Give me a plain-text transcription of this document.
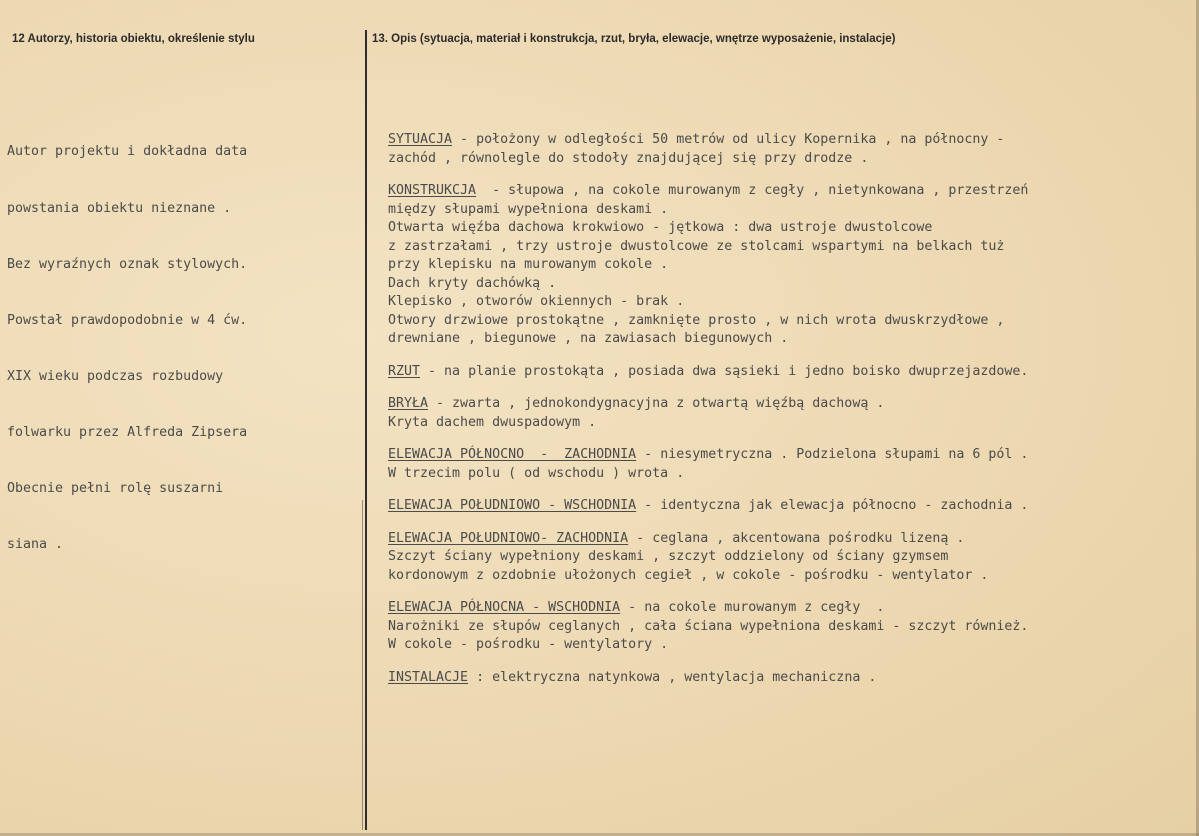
12 Autorzy, historia obiektu, określenie stylu	13. Opis (sytuacja, materiał i konstrukcja, rzut, bryła, elewacje, wnętrze wyposażenie, instalacje)

Autor projektu i dokładna data

powstania obiektu nieznane .

Bez wyraźnych oznak stylowych.

Powstał prawdopodobnie w 4 ćw.

XIX wieku podczas rozbudowy

folwarku przez Alfreda Zipsera

Obecnie pełni rolę suszarni

siana .

SYTUACJA - położony w odległości 50 metrów od ulicy Kopernika , na północny -
zachód , równolegle do stodoły znajdującej się przy drodze .
KONSTRUKCJA  - słupowa , na cokole murowanym z cegły , nietynkowana , przestrzeń
między słupami wypełniona deskami .
Otwarta więźba dachowa krokwiowo - jętkowa : dwa ustroje dwustolcowe
z zastrzałami , trzy ustroje dwustolcowe ze stolcami wspartymi na belkach tuż
przy klepisku na murowanym cokole .
Dach kryty dachówką .
Klepisko , otworów okiennych - brak .
Otwory drzwiowe prostokątne , zamknięte prosto , w nich wrota dwuskrzydłowe ,
drewniane , biegunowe , na zawiasach biegunowych .
RZUT - na planie prostokąta , posiada dwa sąsieki i jedno boisko dwuprzejazdowe.
BRYŁA - zwarta , jednokondygnacyjna z otwartą więźbą dachową .
Kryta dachem dwuspadowym .
ELEWACJA PÓŁNOCNO  -  ZACHODNIA - niesymetryczna . Podzielona słupami na 6 pól .
W trzecim polu ( od wschodu ) wrota .
ELEWACJA POŁUDNIOWO - WSCHODNIA - identyczna jak elewacja północno - zachodnia .
ELEWACJA POŁUDNIOWO- ZACHODNIA - ceglana , akcentowana pośrodku lizeną .
Szczyt ściany wypełniony deskami , szczyt oddzielony od ściany gzymsem
kordonowym z ozdobnie ułożonych cegieł , w cokole - pośrodku - wentylator .
ELEWACJA PÓŁNOCNA - WSCHODNIA - na cokole murowanym z cegły  .
Narożniki ze słupów ceglanych , cała ściana wypełniona deskami - szczyt również.
W cokole - pośrodku - wentylatory .
INSTALACJE : elektryczna natynkowa , wentylacja mechaniczna .
